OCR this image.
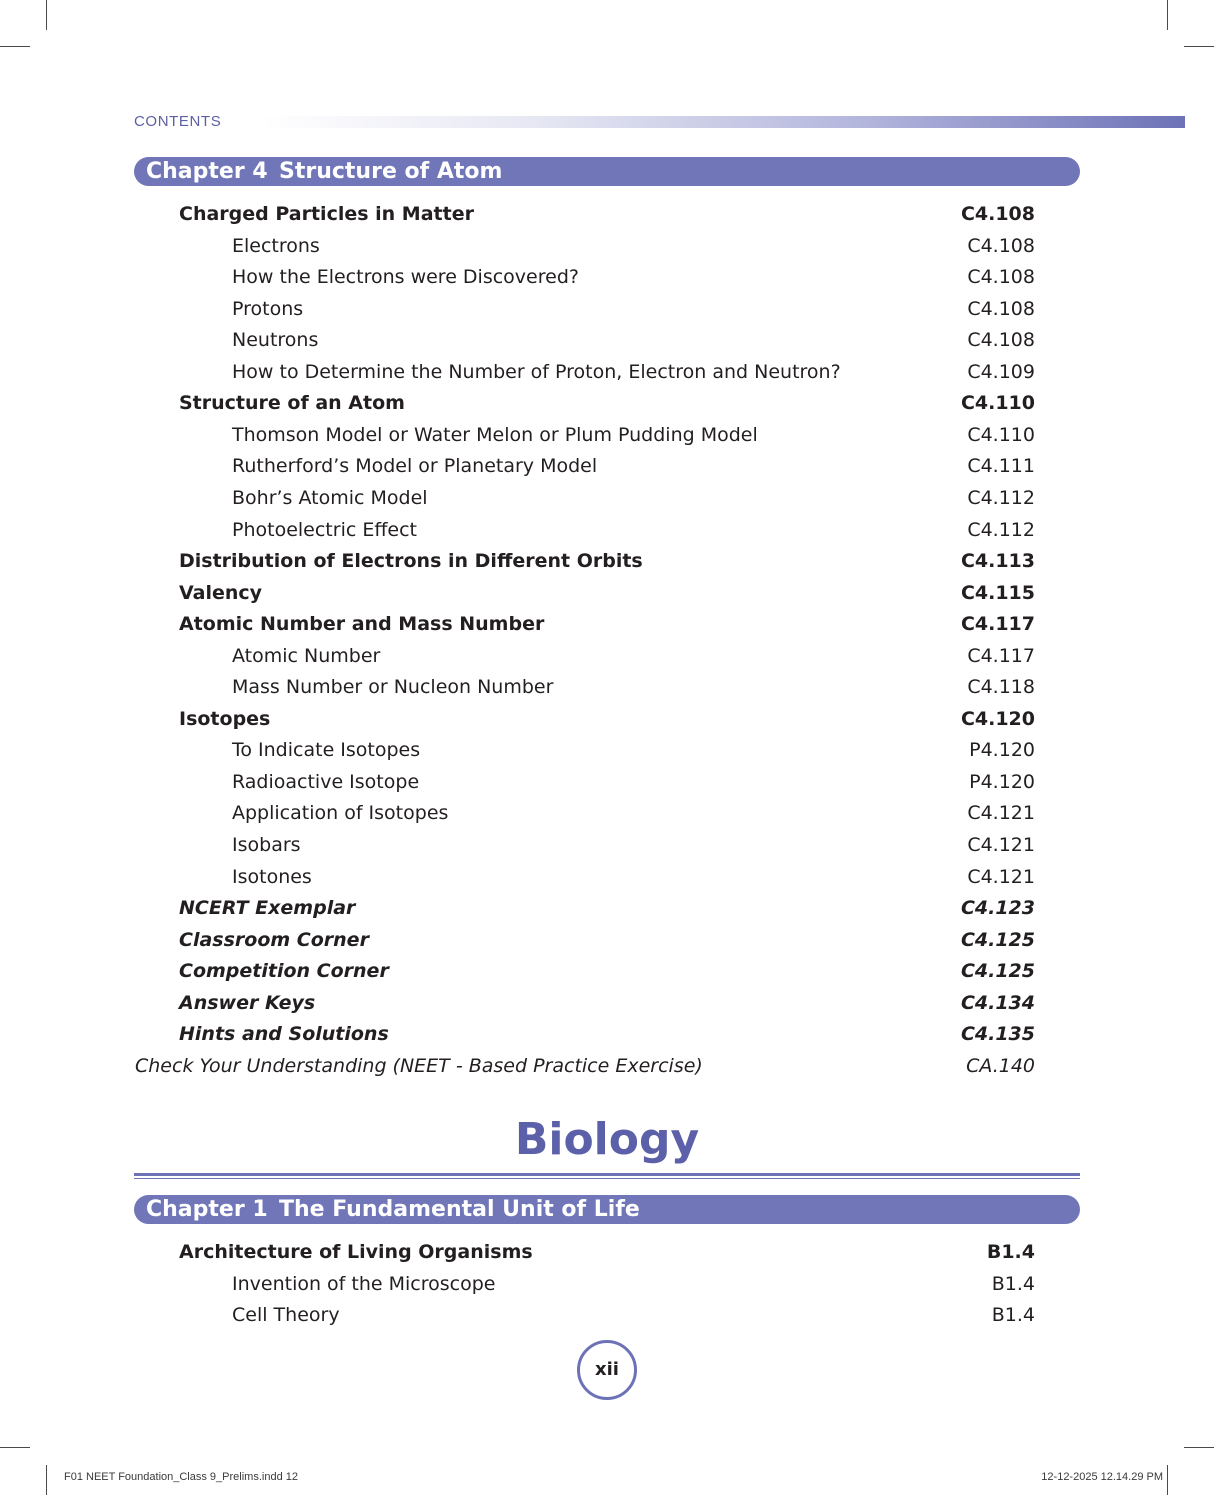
CONTENTS
Chapter 4 Structure of Atom
Charged Particles in Matter	C4.108
Electrons	C4.108
How the Electrons were Discovered?	C4.108
Protons	C4.108
Neutrons	C4.108
How to Determine the Number of Proton, Electron and Neutron?	C4.109
Structure of an Atom	C4.110
Thomson Model or Water Melon or Plum Pudding Model	C4.110
Rutherford’s Model or Planetary Model	C4.111
Bohr’s Atomic Model	C4.112
Photoelectric Effect	C4.112
Distribution of Electrons in Different Orbits	C4.113
Valency	C4.115
Atomic Number and Mass Number	C4.117
Atomic Number	C4.117
Mass Number or Nucleon Number	C4.118
Isotopes	C4.120
To Indicate Isotopes	P4.120
Radioactive Isotope	P4.120
Application of Isotopes	C4.121
Isobars	C4.121
Isotones	C4.121
NCERT Exemplar	C4.123
Classroom Corner	C4.125
Competition Corner	C4.125
Answer Keys	C4.134
Hints and Solutions	C4.135
Check Your Understanding (NEET - Based Practice Exercise)	CA.140
Biology
Chapter 1 The Fundamental Unit of Life
Architecture of Living Organisms	B1.4
Invention of the Microscope	B1.4
Cell Theory	B1.4
xii
F01 NEET Foundation_Class 9_Prelims.indd 12	12-12-2025 12.14.29 PM
